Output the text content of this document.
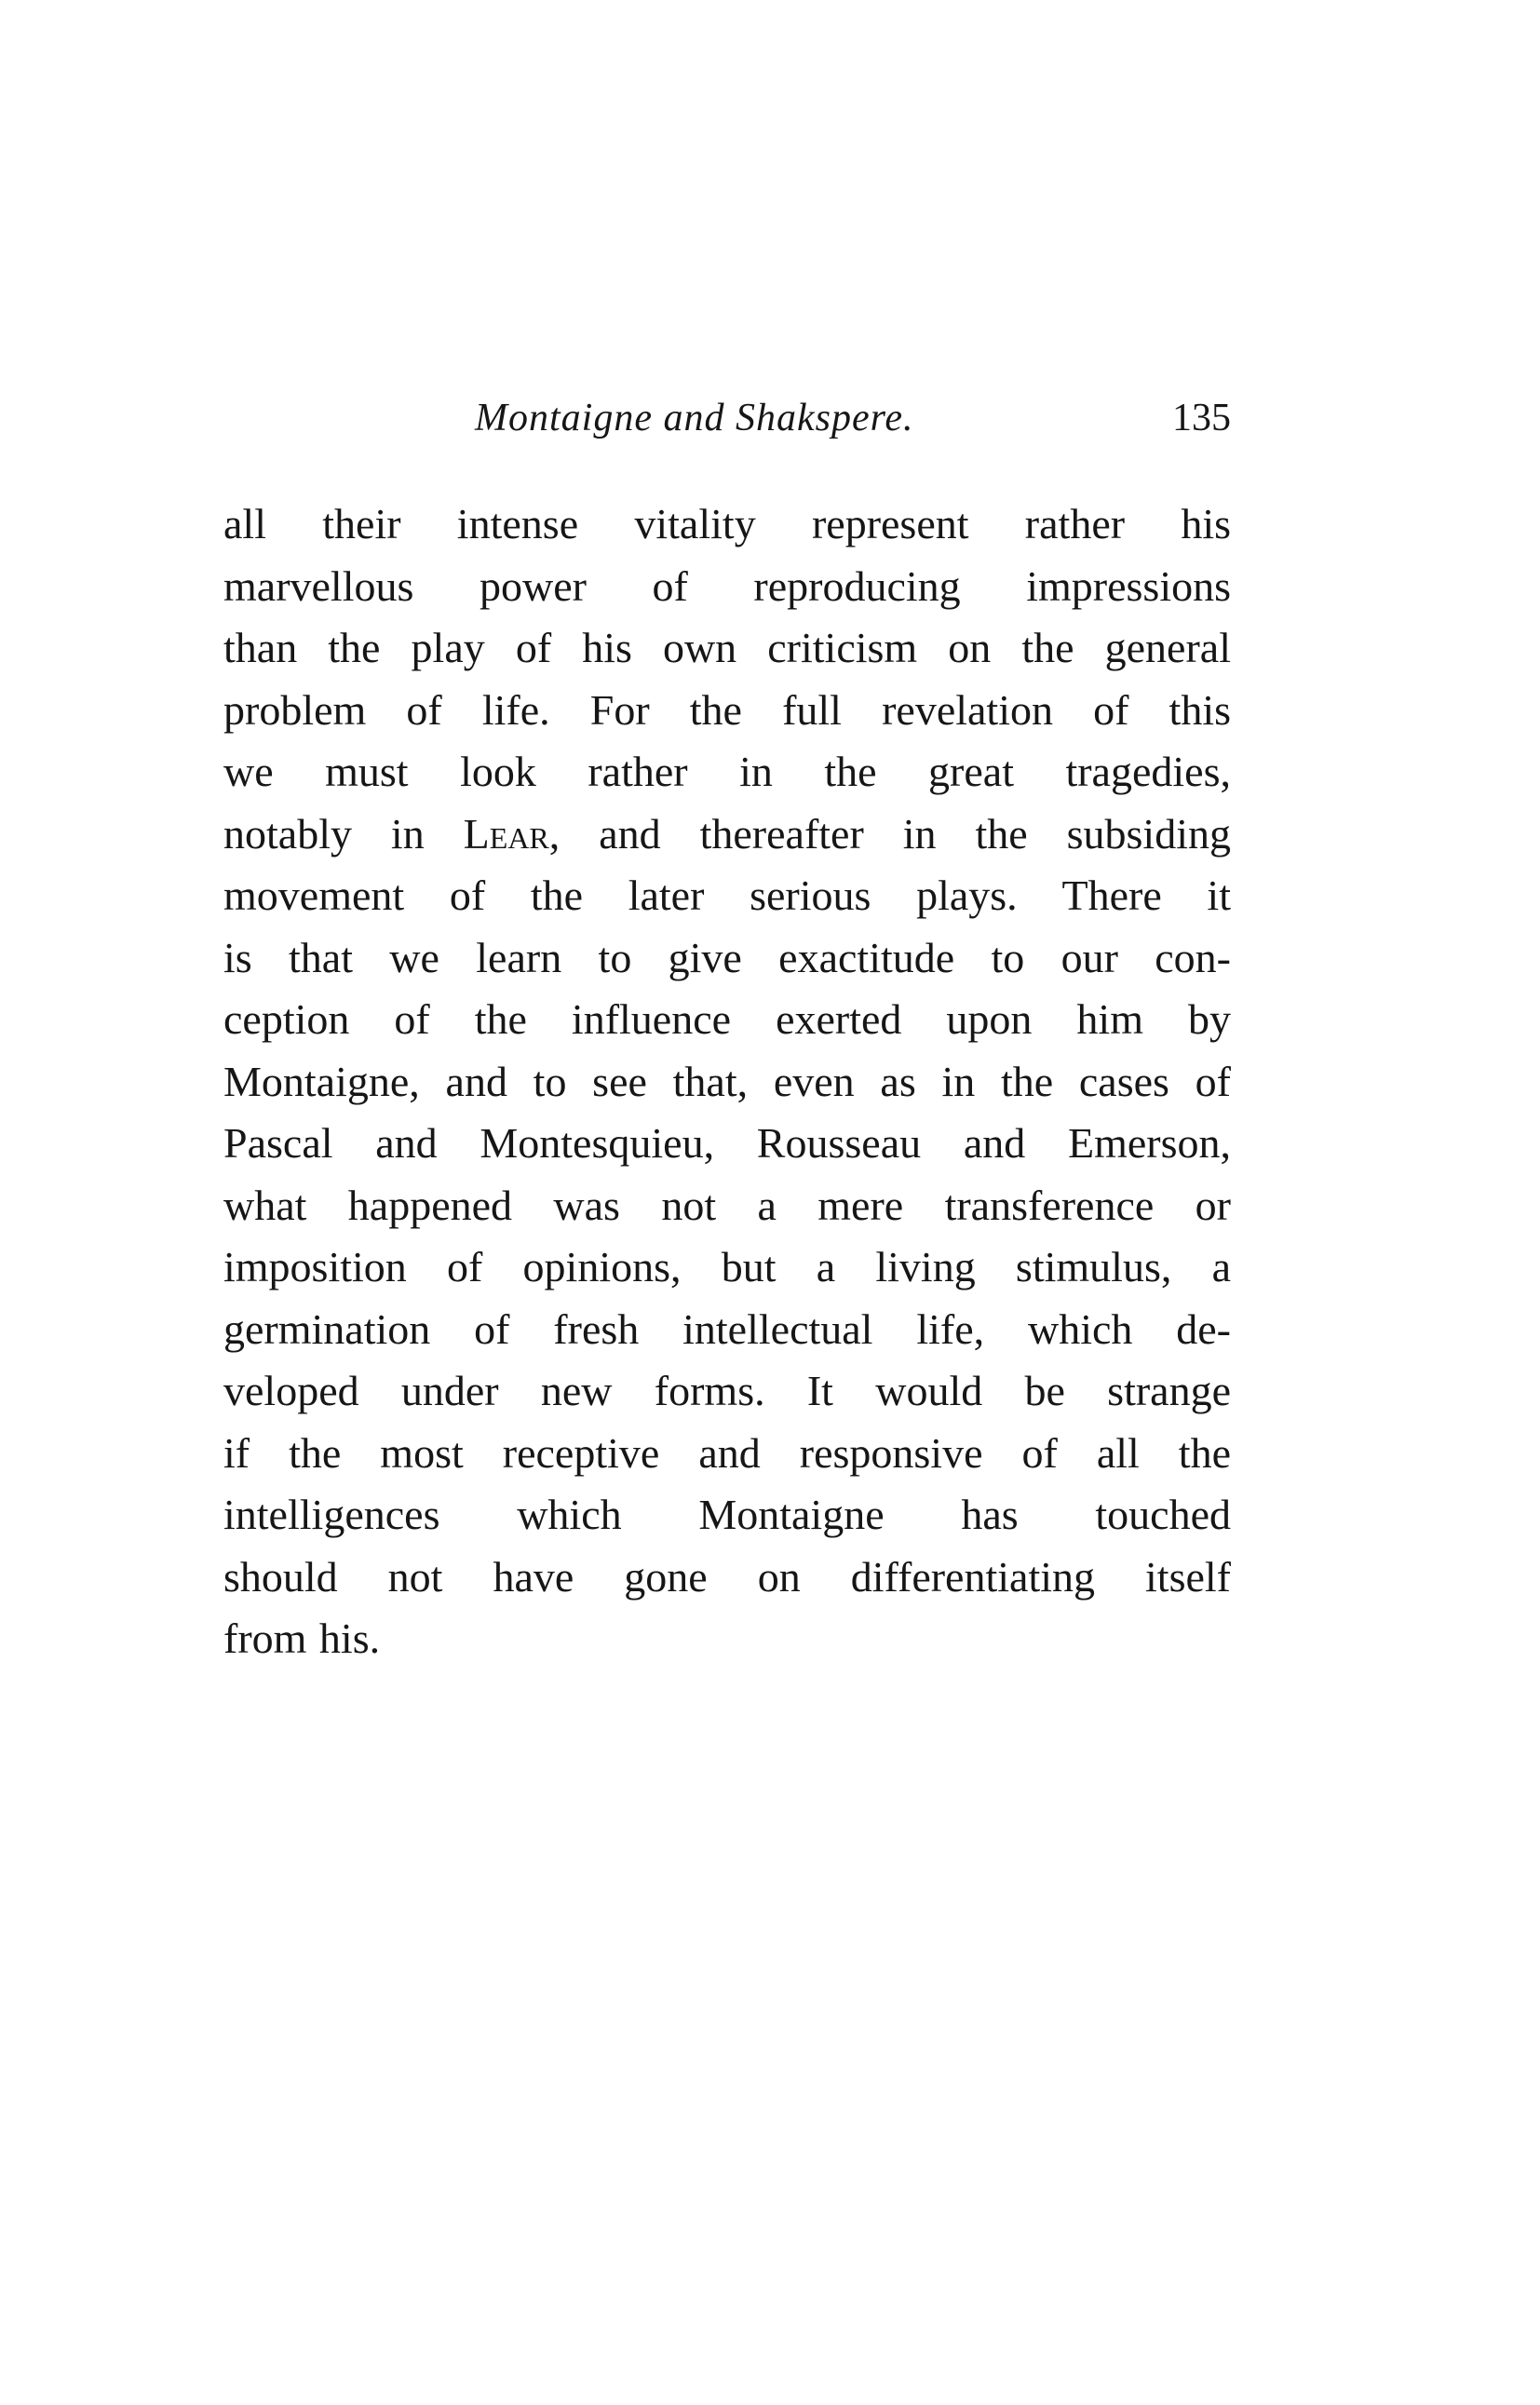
Montaigne and Shakspere.	135
all their intense vitality represent rather his
marvellous power of reproducing impressions
than the play of his own criticism on the general
problem of life. For the full revelation of this
we must look rather in the great tragedies,
notably in Lear, and thereafter in the subsiding
movement of the later serious plays. There it
is that we learn to give exactitude to our con-
ception of the influence exerted upon him by
Montaigne, and to see that, even as in the cases of
Pascal and Montesquieu, Rousseau and Emerson,
what happened was not a mere transference or
imposition of opinions, but a living stimulus, a
germination of fresh intellectual life, which de-
veloped under new forms. It would be strange
if the most receptive and responsive of all the
intelligences which Montaigne has touched
should not have gone on differentiating itself
from his.
